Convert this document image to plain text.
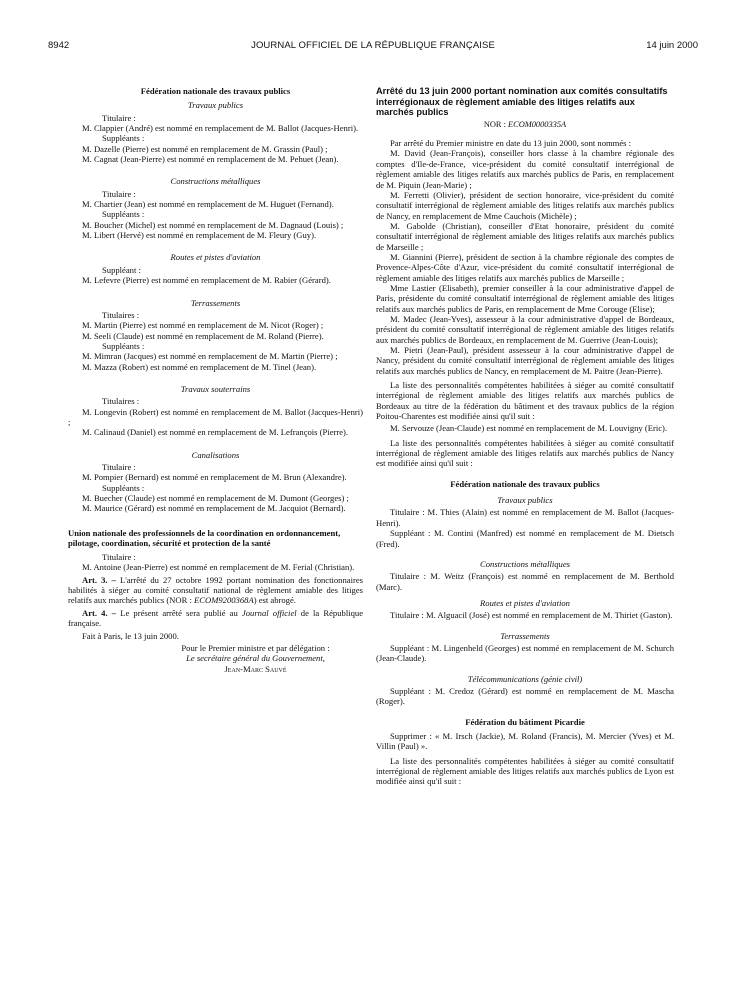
8942	JOURNAL OFFICIEL DE LA RÉPUBLIQUE FRANÇAISE	14 juin 2000

Fédération nationale des travaux publics

Travaux publics

Titulaire :

M. Clappier (André) est nommé en remplacement de M. Ballot (Jacques-Henri).

Suppléants :

M. Dazelle (Pierre) est nommé en remplacement de M. Grassin (Paul) ;

M. Cagnat (Jean-Pierre) est nommé en remplacement de M. Pehuet (Jean).

Constructions métalliques

Titulaire :

M. Chartier (Jean) est nommé en remplacement de M. Huguet (Fernand).

Suppléants :

M. Boucher (Michel) est nommé en remplacement de M. Dagnaud (Louis) ;

M. Libert (Hervé) est nommé en remplacement de M. Fleury (Guy).

Routes et pistes d'aviation

Suppléant :

M. Lefevre (Pierre) est nommé en remplacement de M. Rabier (Gérard).

Terrassements

Titulaires :

M. Martin (Pierre) est nommé en remplacement de M. Nicot (Roger) ;

M. Seeli (Claude) est nommé en remplacement de M. Roland (Pierre).

Suppléants :

M. Mimran (Jacques) est nommé en remplacement de M. Martin (Pierre) ;

M. Mazza (Robert) est nommé en remplacement de M. Tinel (Jean).

Travaux souterrains

Titulaires :

M. Longevin (Robert) est nommé en remplacement de M. Ballot (Jacques-Henri) ;

M. Calinaud (Daniel) est nommé en remplacement de M. Lefrançois (Pierre).

Canalisations

Titulaire :

M. Pompier (Bernard) est nommé en remplacement de M. Brun (Alexandre).

Suppléants :

M. Buecher (Claude) est nommé en remplacement de M. Dumont (Georges) ;

M. Maurice (Gérard) est nommé en remplacement de M. Jacquiot (Bernard).

Union nationale des professionnels de la coordination en ordonnancement, pilotage, coordination, sécurité et protection de la santé

Titulaire :

M. Antoine (Jean-Pierre) est nommé en remplacement de M. Ferial (Christian).

Art. 3. – L'arrêté du 27 octobre 1992 portant nomination des fonctionnaires habilités à siéger au comité consultatif national de règlement amiable des litiges relatifs aux marchés publics (NOR : ECOM9200368A) est abrogé.

Art. 4. – Le présent arrêté sera publié au Journal officiel de la République française.

Fait à Paris, le 13 juin 2000.

Pour le Premier ministre et par délégation :

Le secrétaire général du Gouvernement,

Jean-Marc Sauvé

Arrêté du 13 juin 2000 portant nomination aux comités consultatifs interrégionaux de règlement amiable des litiges relatifs aux marchés publics

NOR : ECOM0000335A

Par arrêté du Premier ministre en date du 13 juin 2000, sont nommés :

M. David (Jean-François), conseiller hors classe à la chambre régionale des comptes d'Ile-de-France, vice-président du comité consultatif interrégional de règlement amiable des litiges relatifs aux marchés publics de Paris, en remplacement de M. Piquin (Jean-Marie) ;

M. Ferretti (Olivier), président de section honoraire, vice-président du comité consultatif interrégional de règlement amiable des litiges relatifs aux marchés publics de Nancy, en remplacement de Mme Cauchois (Michèle) ;

M. Gabolde (Christian), conseiller d'Etat honoraire, président du comité consultatif interrégional de règlement amiable des litiges relatifs aux marchés publics de Marseille ;

M. Giannini (Pierre), président de section à la chambre régionale des comptes de Provence-Alpes-Côte d'Azur, vice-président du comité consultatif interrégional de règlement amiable des litiges relatifs aux marchés publics de Marseille ;

Mme Lastier (Elisabeth), premier conseiller à la cour administrative d'appel de Paris, présidente du comité consultatif interrégional de règlement amiable des litiges relatifs aux marchés publics de Paris, en remplacement de Mme Corouge (Elise);

M. Madec (Jean-Yves), assesseur à la cour administrative d'appel de Bordeaux, président du comité consultatif interrégional de règlement amiable des litiges relatifs aux marchés publics de Bordeaux, en remplacement de M. Guerrive (Jean-Louis);

M. Pietri (Jean-Paul), président assesseur à la cour administrative d'appel de Nancy, président du comité consultatif interrégional de règlement amiable des litiges relatifs aux marchés publics de Nancy, en remplacement de M. Paitre (Jean-Pierre).

La liste des personnalités compétentes habilitées à siéger au comité consultatif interrégional de règlement amiable des litiges relatifs aux marchés publics de Bordeaux au titre de la fédération du bâtiment et des travaux publics de la région Poitou-Charentes est modifiée ainsi qu'il suit :

M. Servouze (Jean-Claude) est nommé en remplacement de M. Louvigny (Eric).

La liste des personnalités compétentes habilitées à siéger au comité consultatif interrégional de règlement amiable des litiges relatifs aux marchés publics de Nancy est modifiée ainsi qu'il suit :

Fédération nationale des travaux publics

Travaux publics

Titulaire : M. Thies (Alain) est nommé en remplacement de M. Ballot (Jacques-Henri).

Suppléant : M. Contini (Manfred) est nommé en remplacement de M. Dietsch (Fred).

Constructions métalliques

Titulaire : M. Weitz (François) est nommé en remplacement de M. Berthold (Marc).

Routes et pistes d'aviation

Titulaire : M. Alguacil (José) est nommé en remplacement de M. Thiriet (Gaston).

Terrassements

Suppléant : M. Lingenheld (Georges) est nommé en remplacement de M. Schurch (Jean-Claude).

Télécommunications (génie civil)

Suppléant : M. Credoz (Gérard) est nommé en remplacement de M. Mascha (Roger).

Fédération du bâtiment Picardie

Supprimer : « M. Irsch (Jackie), M. Roland (Francis), M. Mercier (Yves) et M. Villin (Paul) ».

La liste des personnalités compétentes habilitées à siéger au comité consultatif interrégional de règlement amiable des litiges relatifs aux marchés publics de Lyon est modifiée ainsi qu'il suit :
